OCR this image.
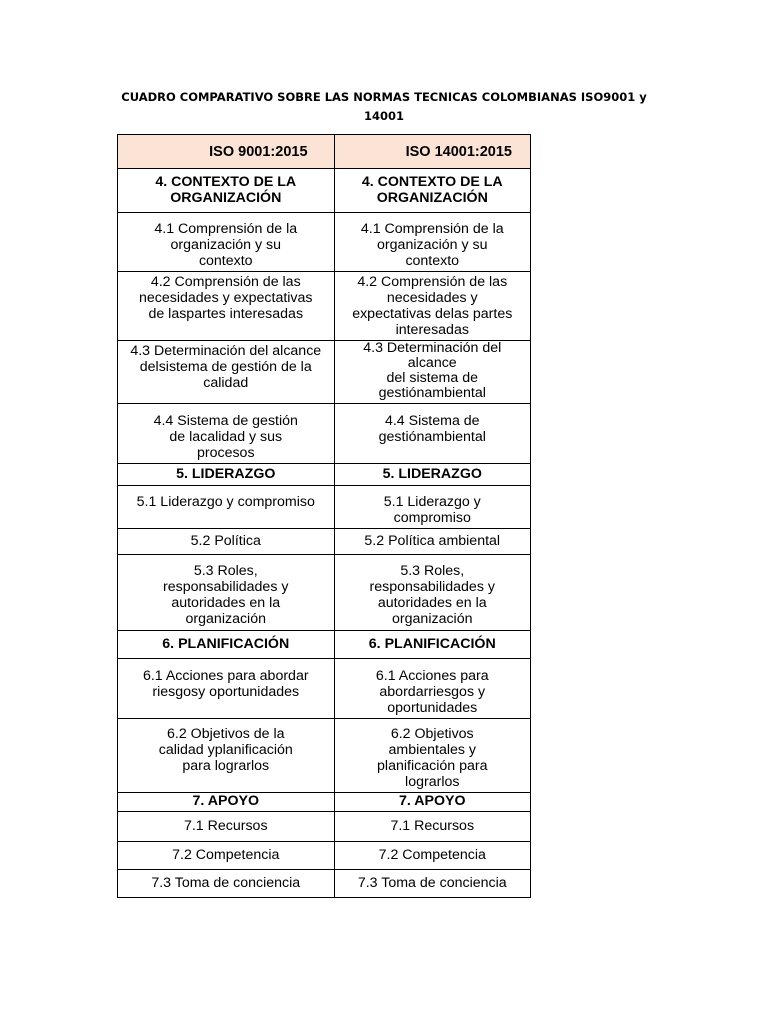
CUADRO COMPARATIVO SOBRE LAS NORMAS TECNICAS COLOMBIANAS ISO9001 y 14001
ISO 9001:2015	ISO 14001:2015
4. CONTEXTO DE LA
ORGANIZACIÓN	4. CONTEXTO DE LA
ORGANIZACIÓN
4.1 Comprensión de la
organización y su
contexto	4.1 Comprensión de la
organización y su
contexto
4.2 Comprensión de las
necesidades y expectativas
de laspartes interesadas	4.2 Comprensión de las
necesidades y
expectativas delas partes
interesadas
4.3 Determinación del alcance
delsistema de gestión de la
calidad	4.3 Determinación del
alcance
del sistema de
gestiónambiental
4.4 Sistema de gestión
de lacalidad y sus
procesos	4.4 Sistema de
gestiónambiental
5. LIDERAZGO	5. LIDERAZGO
5.1 Liderazgo y compromiso	5.1 Liderazgo y
compromiso
5.2 Política	5.2 Política ambiental
5.3 Roles,
responsabilidades y
autoridades en la
organización	5.3 Roles,
responsabilidades y
autoridades en la
organización
6. PLANIFICACIÓN	6. PLANIFICACIÓN
6.1 Acciones para abordar
riesgosy oportunidades	6.1 Acciones para
abordarriesgos y
oportunidades
6.2 Objetivos de la
calidad yplanificación
para lograrlos	6.2 Objetivos
ambientales y
planificación para
lograrlos
7. APOYO	7. APOYO
7.1 Recursos	7.1 Recursos
7.2 Competencia	7.2 Competencia
7.3 Toma de conciencia	7.3 Toma de conciencia
